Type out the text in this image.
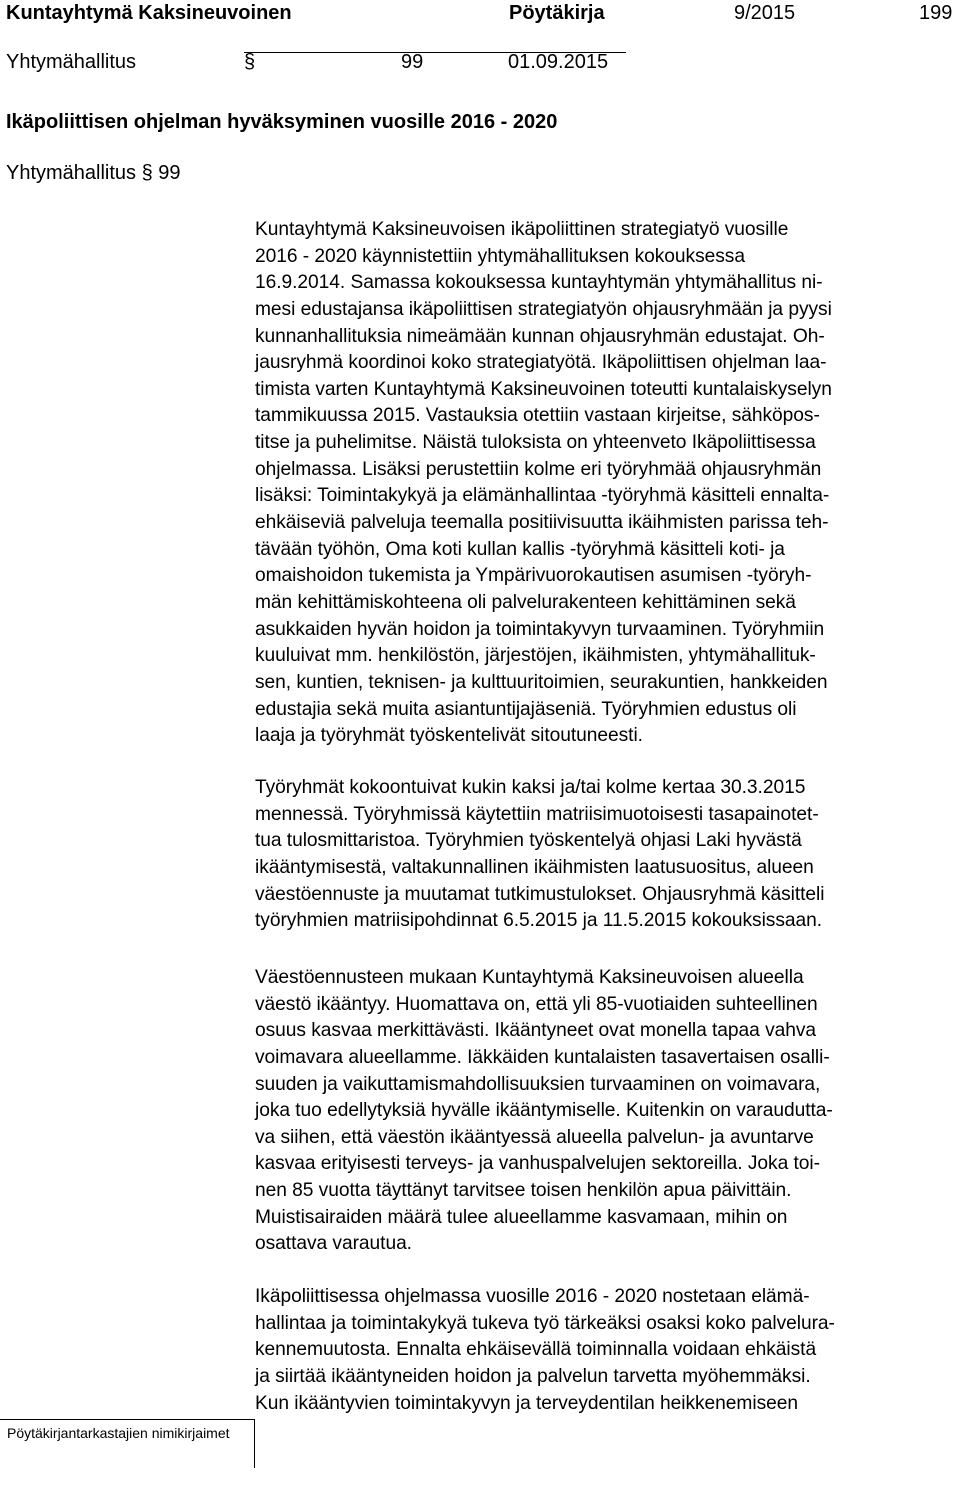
Kuntayhtymä Kaksineuvoinen	Pöytäkirja	9/2015	199
Yhtymähallitus	§	99	01.09.2015
Ikäpoliittisen ohjelman hyväksyminen vuosille 2016 - 2020
Yhtymähallitus § 99
Kuntayhtymä Kaksineuvoisen ikäpoliittinen strategiatyö vuosille
2016 - 2020 käynnistettiin yhtymähallituksen kokouksessa
16.9.2014. Samassa kokouksessa kuntayhtymän yhtymähallitus ni-
mesi edustajansa ikäpoliittisen strategiatyön ohjausryhmään ja pyysi
kunnanhallituksia nimeämään kunnan ohjausryhmän edustajat. Oh-
jausryhmä koordinoi koko strategiatyötä. Ikäpoliittisen ohjelman laa-
timista varten Kuntayhtymä Kaksineuvoinen toteutti kuntalaiskyselyn
tammikuussa 2015. Vastauksia otettiin vastaan kirjeitse, sähköpos-
titse ja puhelimitse. Näistä tuloksista on yhteenveto Ikäpoliittisessa
ohjelmassa. Lisäksi perustettiin kolme eri työryhmää ohjausryhmän
lisäksi: Toimintakykyä ja elämänhallintaa -työryhmä käsitteli ennalta-
ehkäiseviä palveluja teemalla positiivisuutta ikäihmisten parissa teh-
tävään työhön, Oma koti kullan kallis -työryhmä käsitteli koti- ja
omaishoidon tukemista ja Ympärivuorokautisen asumisen -työryh-
män kehittämiskohteena oli palvelurakenteen kehittäminen sekä
asukkaiden hyvän hoidon ja toimintakyvyn turvaaminen. Työryhmiin
kuuluivat mm. henkilöstön, järjestöjen, ikäihmisten, yhtymähallituk-
sen, kuntien, teknisen- ja kulttuuritoimien, seurakuntien, hankkeiden
edustajia sekä muita asiantuntijajäseniä. Työryhmien edustus oli
laaja ja työryhmät työskentelivät sitoutuneesti.
Työryhmät kokoontuivat kukin kaksi ja/tai kolme kertaa 30.3.2015
mennessä. Työryhmissä käytettiin matriisimuotoisesti tasapainotet-
tua tulosmittaristoa. Työryhmien työskentelyä ohjasi Laki hyvästä
ikääntymisestä, valtakunnallinen ikäihmisten laatusuositus, alueen
väestöennuste ja muutamat tutkimustulokset. Ohjausryhmä käsitteli
työryhmien matriisipohdinnat 6.5.2015 ja 11.5.2015 kokouksissaan.
Väestöennusteen mukaan Kuntayhtymä Kaksineuvoisen alueella
väestö ikääntyy. Huomattava on, että yli 85-vuotiaiden suhteellinen
osuus kasvaa merkittävästi. Ikääntyneet ovat monella tapaa vahva
voimavara alueellamme. Iäkkäiden kuntalaisten tasavertaisen osalli-
suuden ja vaikuttamismahdollisuuksien turvaaminen on voimavara,
joka tuo edellytyksiä hyvälle ikääntymiselle. Kuitenkin on varaudutta-
va siihen, että väestön ikääntyessä alueella palvelun- ja avuntarve
kasvaa erityisesti terveys- ja vanhuspalvelujen sektoreilla. Joka toi-
nen 85 vuotta täyttänyt tarvitsee toisen henkilön apua päivittäin.
Muistisairaiden määrä tulee alueellamme kasvamaan, mihin on
osattava varautua.
Ikäpoliittisessa ohjelmassa vuosille 2016 - 2020 nostetaan elämä-
hallintaa ja toimintakykyä tukeva työ tärkeäksi osaksi koko palvelura-
kennemuutosta. Ennalta ehkäisevällä toiminnalla voidaan ehkäistä
ja siirtää ikääntyneiden hoidon ja palvelun tarvetta myöhemmäksi.
Kun ikääntyvien toimintakyvyn ja terveydentilan heikkenemiseen
Pöytäkirjantarkastajien nimikirjaimet
